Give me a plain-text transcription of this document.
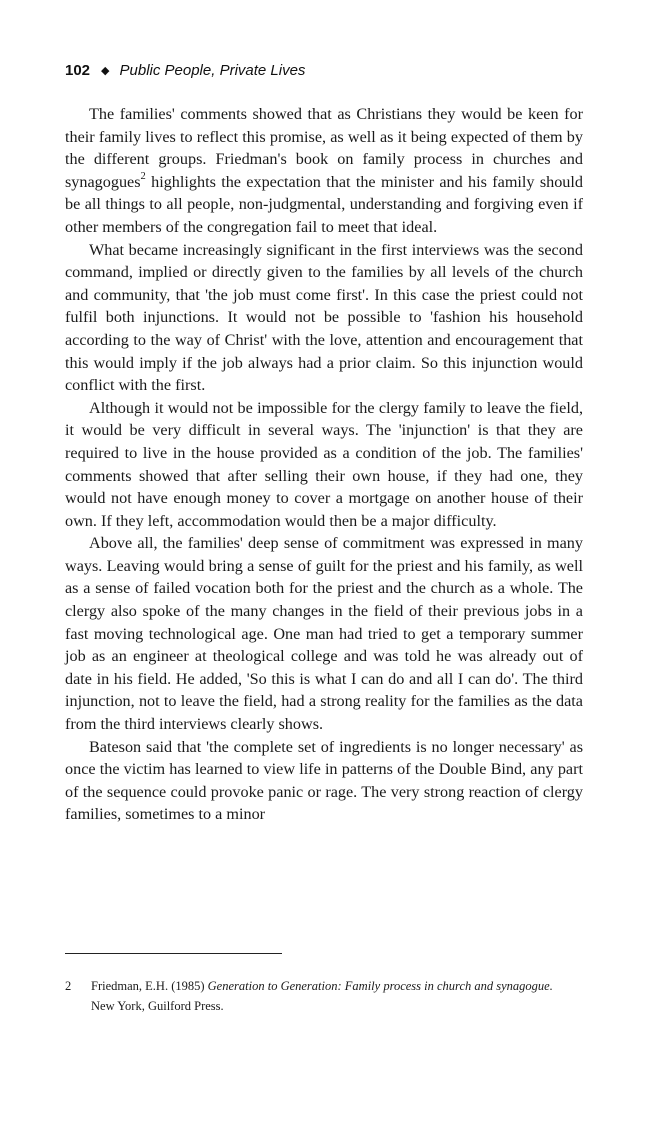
102 ◆ Public People, Private Lives

The families' comments showed that as Christians they would be keen for their family lives to reflect this promise, as well as it being expected of them by the different groups. Friedman's book on family process in churches and synagogues$^2$ highlights the expectation that the minister and his family should be all things to all people, non-judgmental, understanding and forgiving even if other members of the congregation fail to meet that ideal.

What became increasingly significant in the first interviews was the second command, implied or directly given to the families by all levels of the church and community, that 'the job must come first'. In this case the priest could not fulfil both injunctions. It would not be possible to 'fashion his household according to the way of Christ' with the love, attention and encouragement that this would imply if the job always had a prior claim. So this injunction would conflict with the first.

Although it would not be impossible for the clergy family to leave the field, it would be very difficult in several ways. The 'injunction' is that they are required to live in the house provided as a condition of the job. The families' comments showed that after selling their own house, if they had one, they would not have enough money to cover a mortgage on another house of their own. If they left, accommodation would then be a major difficulty.

Above all, the families' deep sense of commitment was expressed in many ways. Leaving would bring a sense of guilt for the priest and his family, as well as a sense of failed vocation both for the priest and the church as a whole. The clergy also spoke of the many changes in the field of their previous jobs in a fast moving technological age. One man had tried to get a temporary summer job as an engineer at theological college and was told he was already out of date in his field. He added, 'So this is what I can do and all I can do'. The third injunction, not to leave the field, had a strong reality for the families as the data from the third interviews clearly shows.

Bateson said that 'the complete set of ingredients is no longer necessary' as once the victim has learned to view life in patterns of the Double Bind, any part of the sequence could provoke panic or rage. The very strong reaction of clergy families, sometimes to a minor

2 Friedman, E.H. (1985) Generation to Generation: Family process in church and synagogue.
New York, Guilford Press.
